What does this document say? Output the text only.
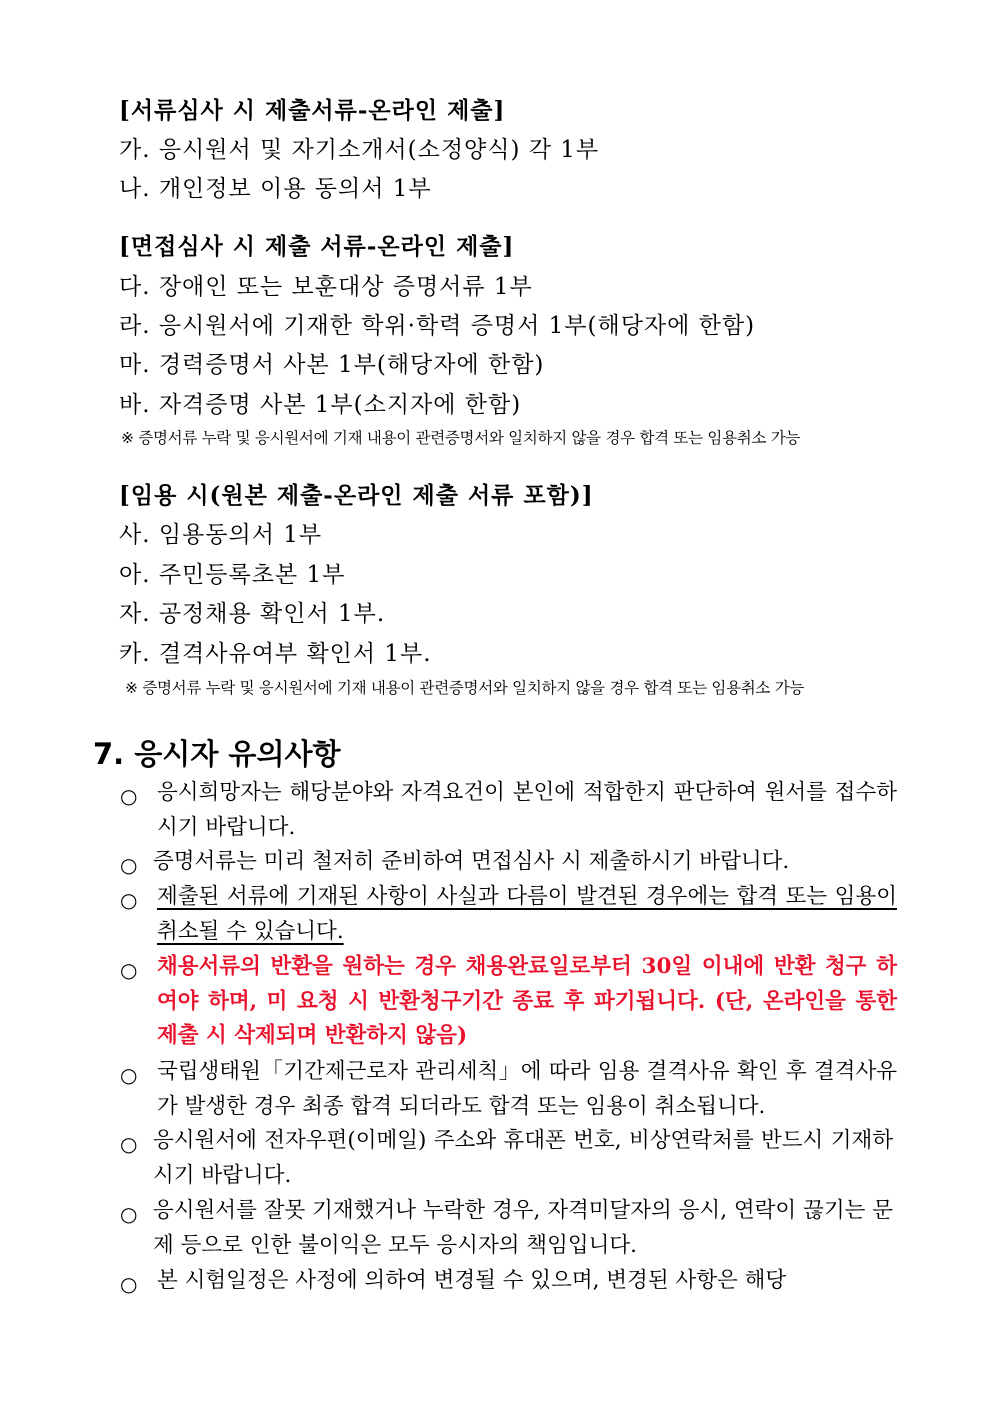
[서류심사 시 제출서류-온라인 제출]
가. 응시원서 및 자기소개서(소정양식) 각 1부
나. 개인정보 이용 동의서 1부
[면접심사 시 제출 서류-온라인 제출]
다. 장애인 또는 보훈대상 증명서류 1부
라. 응시원서에 기재한 학위·학력 증명서 1부(해당자에 한함)
마. 경력증명서 사본 1부(해당자에 한함)
바. 자격증명 사본 1부(소지자에 한함)
※ 증명서류 누락 및 응시원서에 기재 내용이 관련증명서와 일치하지 않을 경우 합격 또는 임용취소 가능
[임용 시(원본 제출-온라인 제출 서류 포함)]
사. 임용동의서 1부
아. 주민등록초본 1부
자. 공정채용 확인서 1부.
카. 결격사유여부 확인서 1부.
※ 증명서류 누락 및 응시원서에 기재 내용이 관련증명서와 일치하지 않을 경우 합격 또는 임용취소 가능
7. 응시자 유의사항
○ 응시희망자는 해당분야와 자격요건이 본인에 적합한지 판단하여 원서를 접수하시기 바랍니다.
○ 증명서류는 미리 철저히 준비하여 면접심사 시 제출하시기 바랍니다.
○ 제출된 서류에 기재된 사항이 사실과 다름이 발견된 경우에는 합격 또는 임용이 취소될 수 있습니다.
○ 채용서류의 반환을 원하는 경우 채용완료일로부터 30일 이내에 반환 청구 하여야 하며, 미 요청 시 반환청구기간 종료 후 파기됩니다. (단, 온라인을 통한 제출 시 삭제되며 반환하지 않음)
○ 국립생태원「기간제근로자 관리세칙」에 따라 임용 결격사유 확인 후 결격사유가 발생한 경우 최종 합격 되더라도 합격 또는 임용이 취소됩니다.
○ 응시원서에 전자우편(이메일) 주소와 휴대폰 번호, 비상연락처를 반드시 기재하시기 바랍니다.
○ 응시원서를 잘못 기재했거나 누락한 경우, 자격미달자의 응시, 연락이 끊기는 문제 등으로 인한 불이익은 모두 응시자의 책임입니다.
○ 본 시험일정은 사정에 의하여 변경될 수 있으며, 변경된 사항은 해당
